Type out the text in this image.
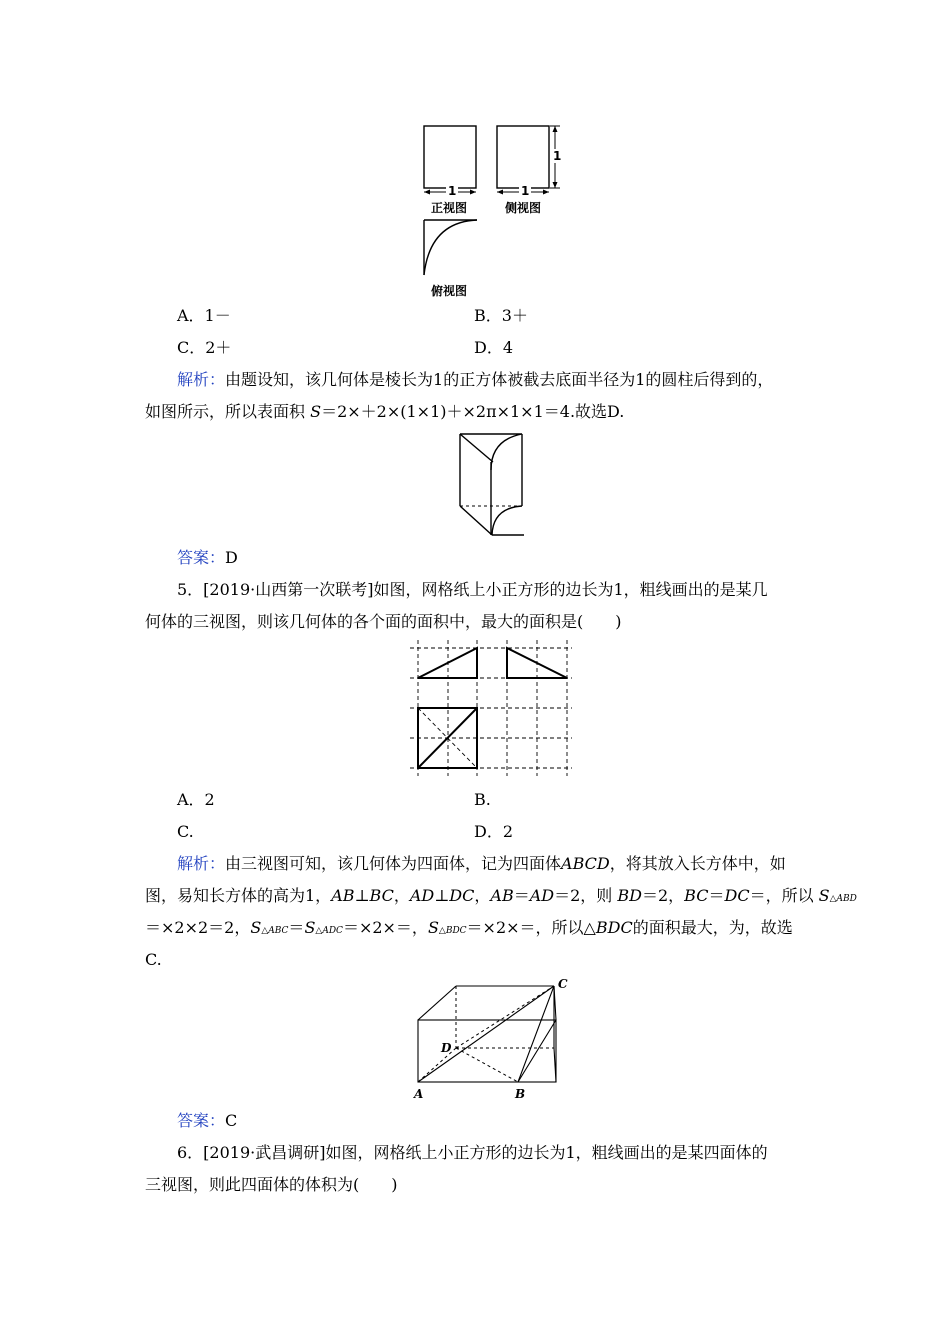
1	1
1
正视图	侧视图
俯视图
A．1－	B．3＋
C．2＋	D．4
解析：由题设知，该几何体是棱长为1的正方体被截去底面半径为1的圆柱后得到的，
如图所示，所以表面积 S＝2×＋2×(1×1)＋×2π×1×1＝4.故选D.
答案：D
5．[2019·山西第一次联考]如图，网格纸上小正方形的边长为1，粗线画出的是某几
何体的三视图，则该几何体的各个面的面积中，最大的面积是(　　)
A．2	B.
C.	D．2
解析：由三视图可知，该几何体为四面体，记为四面体ABCD，将其放入长方体中，如
图，易知长方体的高为1，AB⊥BC，AD⊥DC，AB＝AD＝2，则 BD＝2，BC＝DC＝，所以 S△ABD
＝×2×2＝2，S△ABC＝S△ADC＝×2×＝，S△BDC＝×2×＝，所以△BDC的面积最大，为，故选
C.
C
D
A	B
答案：C
6．[2019·武昌调研]如图，网格纸上小正方形的边长为1，粗线画出的是某四面体的
三视图，则此四面体的体积为(　　)
